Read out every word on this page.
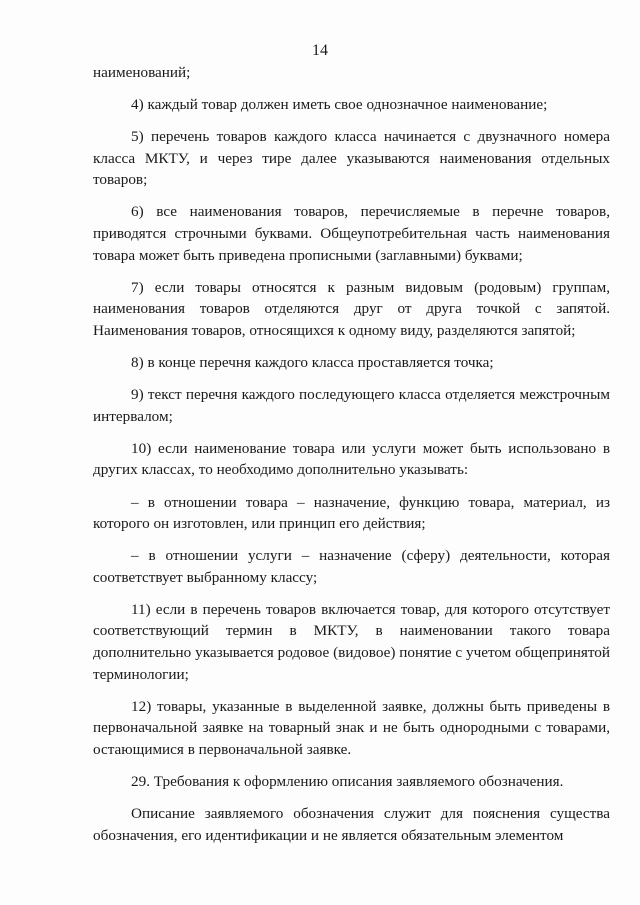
14

наименований;

4) каждый товар должен иметь свое однозначное наименование;

5) перечень товаров каждого класса начинается с двузначного номера класса МКТУ, и через тире далее указываются наименования отдельных товаров;

6) все наименования товаров, перечисляемые в перечне товаров, приводятся строчными буквами. Общеупотребительная часть наименования товара может быть приведена прописными (заглавными) буквами;

7) если товары относятся к разным видовым (родовым) группам, наименования товаров отделяются друг от друга точкой с запятой. Наименования товаров, относящихся к одному виду, разделяются запятой;

8) в конце перечня каждого класса проставляется точка;

9) текст перечня каждого последующего класса отделяется межстрочным интервалом;

10) если наименование товара или услуги может быть использовано в других классах, то необходимо дополнительно указывать:

– в отношении товара – назначение, функцию товара, материал, из которого он изготовлен, или принцип его действия;

– в отношении услуги – назначение (сферу) деятельности, которая соответствует выбранному классу;

11) если в перечень товаров включается товар, для которого отсутствует соответствующий термин в МКТУ, в наименовании такого товара дополнительно указывается родовое (видовое) понятие с учетом общепринятой терминологии;

12) товары, указанные в выделенной заявке, должны быть приведены в первоначальной заявке на товарный знак и не быть однородными с товарами, остающимися в первоначальной заявке.

29. Требования к оформлению описания заявляемого обозначения.

Описание заявляемого обозначения служит для пояснения существа обозначения, его идентификации и не является обязательным элементом
